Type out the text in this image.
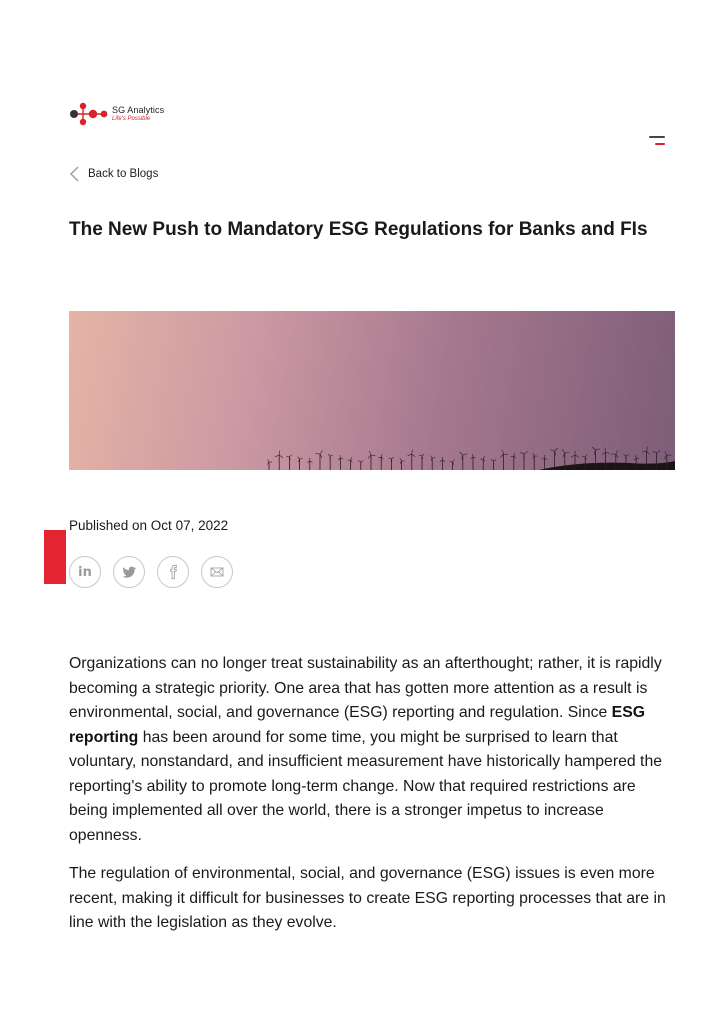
SG Analytics
Life's Possible
Back to Blogs
The New Push to Mandatory ESG Regulations for Banks and FIs
Published on Oct 07, 2022
in

Organizations can no longer treat sustainability as an afterthought; rather, it is rapidly becoming a strategic priority. One area that has gotten more attention as a result is environmental, social, and governance (ESG) reporting and regulation. Since ESG reporting has been around for some time, you might be surprised to learn that voluntary, nonstandard, and insufficient measurement have historically hampered the reporting's ability to promote long-term change. Now that required restrictions are being implemented all over the world, there is a stronger impetus to increase openness.

The regulation of environmental, social, and governance (ESG) issues is even more recent, making it difficult for businesses to create ESG reporting processes that are in line with the legislation as they evolve.
